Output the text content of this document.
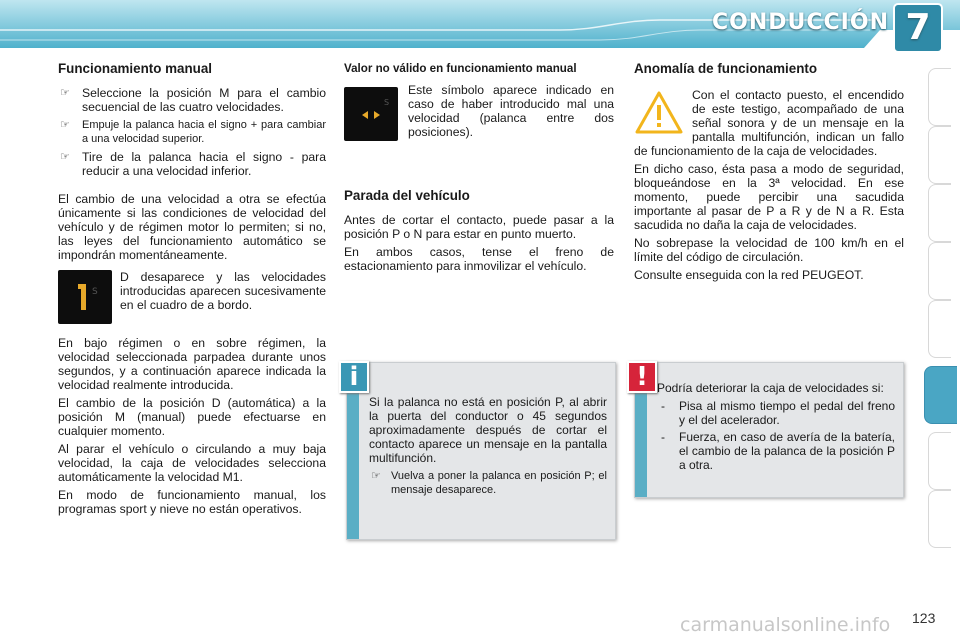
CONDUCCIÓN 7
Funcionamiento manual
☞ Seleccione la posición M para el cambio secuencial de las cuatro velocidades.
☞ Empuje la palanca hacia el signo + para cambiar a una velocidad superior.
☞ Tire de la palanca hacia el signo - para reducir a una velocidad inferior.

El cambio de una velocidad a otra se efectúa únicamente si las condiciones de velocidad del vehículo y de régimen motor lo permiten; si no, las leyes del funcionamiento automático se impondrán momentáneamente.

S

D desaparece y las velocidades introducidas aparecen sucesivamente en el cuadro de a bordo.

En bajo régimen o en sobre régimen, la velocidad seleccionada parpadea durante unos segundos, y a continuación aparece indicada la velocidad realmente introducida.

El cambio de la posición D (automática) a la posición M (manual) puede efectuarse en cualquier momento.

Al parar el vehículo o circulando a muy baja velocidad, la caja de velocidades selecciona automáticamente la velocidad M1.

En modo de funcionamiento manual, los programas sport y nieve no están operativos.

Valor no válido en funcionamiento manual
S

Este símbolo aparece indicado en caso de haber introducido mal una velocidad (palanca entre dos posiciones).

Parada del vehículo

Antes de cortar el contacto, puede pasar a la posición P o N para estar en punto muerto.

En ambos casos, tense el freno de estacionamiento para inmovilizar el vehículo.

Anomalía de funcionamiento

Con el contacto puesto, el encendido de este testigo, acompañado de una señal sonora y de un mensaje en la pantalla multifunción, indican un fallo de funcionamiento de la caja de velocidades.

En dicho caso, ésta pasa a modo de seguridad, bloqueándose en la 3ª velocidad. En ese momento, puede percibir una sacudida importante al pasar de P a R y de N a R. Esta sacudida no daña la caja de velocidades.

No sobrepase la velocidad de 100 km/h en el límite del código de circulación.

Consulte enseguida con la red PEUGEOT.

i

Si la palanca no está en posición P, al abrir la puerta del conductor o 45 segundos aproximadamente después de cortar el contacto aparece un mensaje en la pantalla multifunción.

☞ Vuelva a poner la palanca en posición P; el mensaje desaparece.
! Podría deteriorar la caja de velocidades si:

- Pisa al mismo tiempo el pedal del freno y el del acelerador.
- Fuerza, en caso de avería de la batería, el cambio de la palanca de la posición P a otra.
carmanualsonline.info 123
